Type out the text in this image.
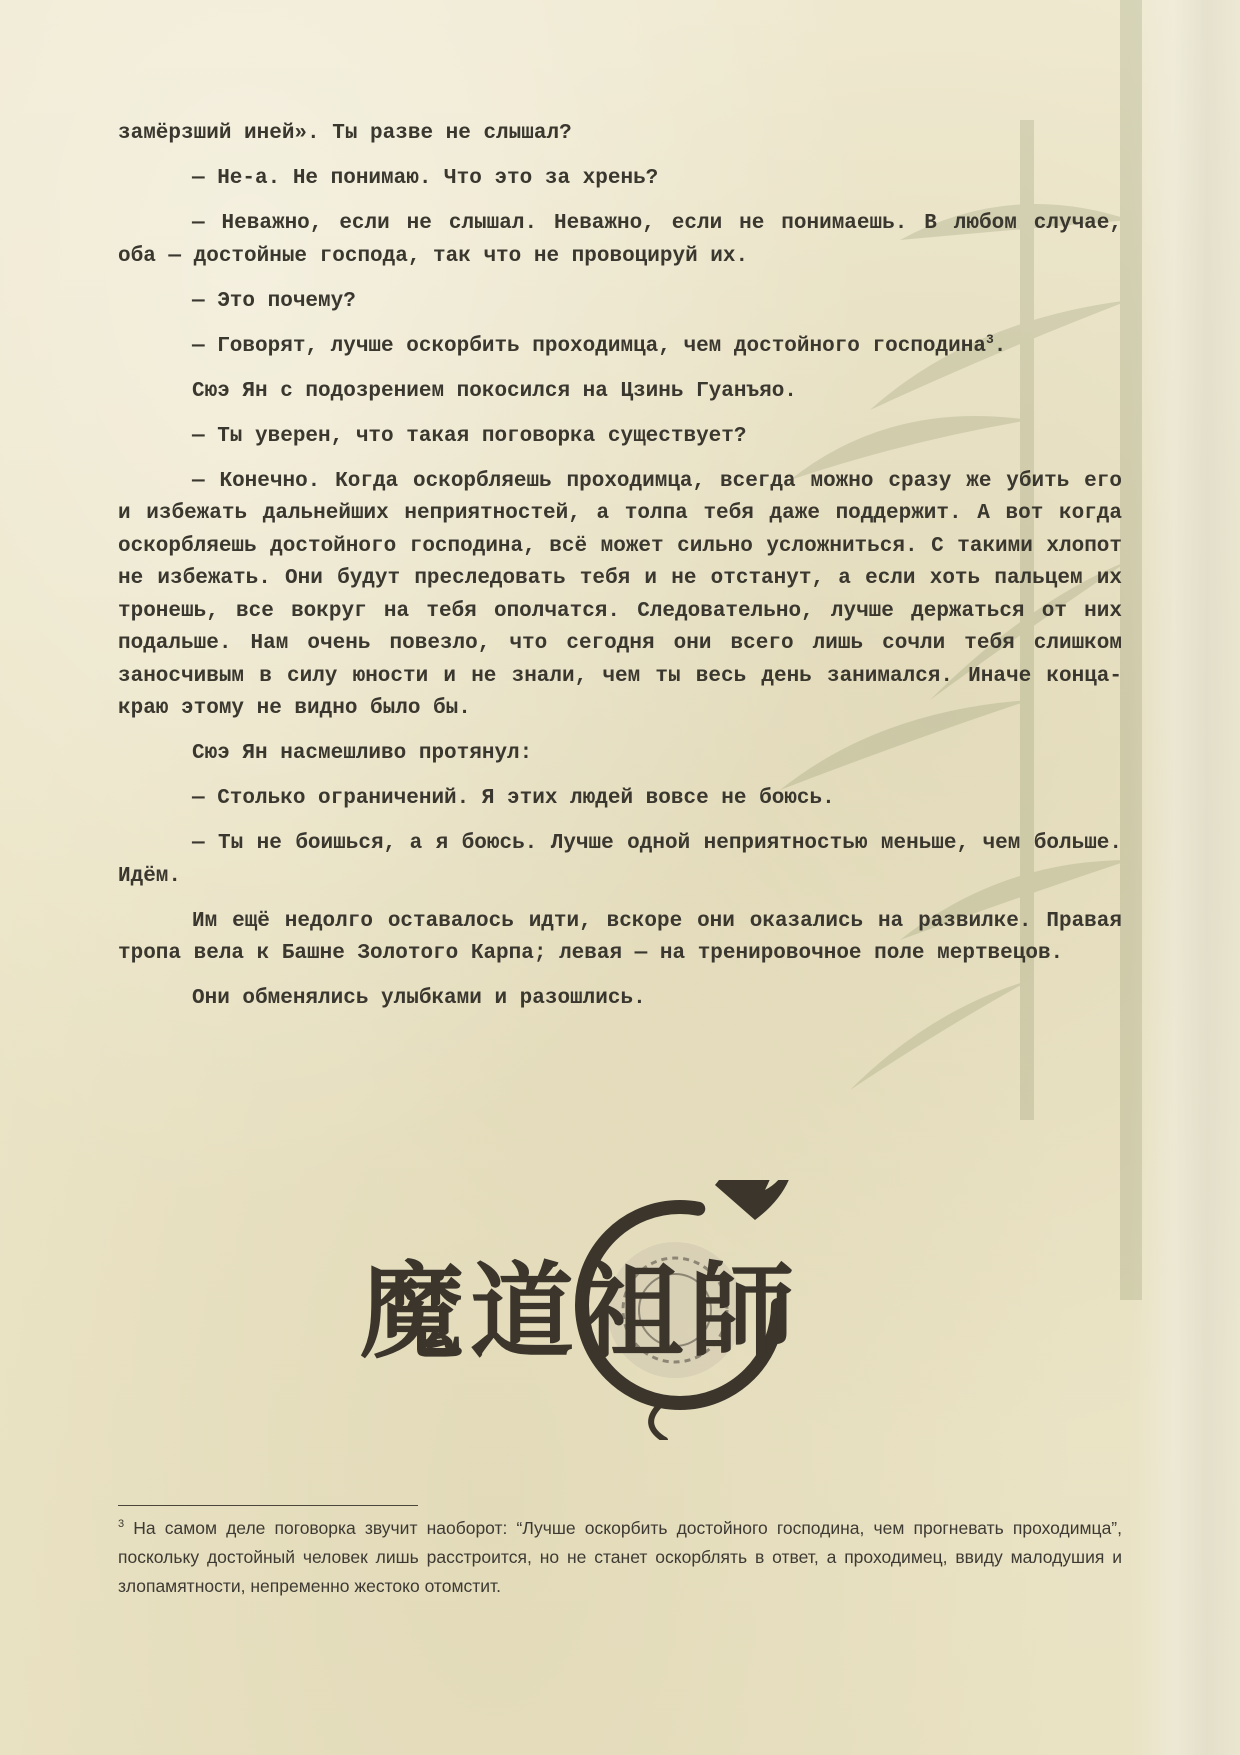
замёрзший иней». Ты разве не слышал?

— Не-а. Не понимаю. Что это за хрень?

— Неважно, если не слышал. Неважно, если не понимаешь. В любом случае, оба — достойные господа, так что не провоцируй их.

— Это почему?

— Говорят, лучше оскорбить проходимца, чем достойного господина$^3$.

Сюэ Ян с подозрением покосился на Цзинь Гуанъяо.

— Ты уверен, что такая поговорка существует?

— Конечно. Когда оскорбляешь проходимца, всегда можно сразу же убить его и избежать дальнейших неприятностей, а толпа тебя даже поддержит. А вот когда оскорбляешь достойного господина, всё может сильно усложниться. С такими хлопот не избежать. Они будут преследовать тебя и не отстанут, а если хоть пальцем их тронешь, все вокруг на тебя ополчатся. Следовательно, лучше держаться от них подальше. Нам очень повезло, что сегодня они всего лишь сочли тебя слишком заносчивым в силу юности и не знали, чем ты весь день занимался. Иначе конца-краю этому не видно было бы.

Сюэ Ян насмешливо протянул:

— Столько ограничений. Я этих людей вовсе не боюсь.

— Ты не боишься, а я боюсь. Лучше одной неприятностью меньше, чем больше. Идём.

Им ещё недолго оставалось идти, вскоре они оказались на развилке. Правая тропа вела к Башне Золотого Карпа; левая — на тренировочное поле мертвецов.

Они обменялись улыбками и разошлись.

魔道祖師
$^3$ На самом деле поговорка звучит наоборот: “Лучше оскорбить достойного господина, чем прогневать проходимца”, поскольку достойный человек лишь расстроится, но не станет оскорблять в ответ, а проходимец, ввиду малодушия и злопамятности, непременно жестоко отомстит.
